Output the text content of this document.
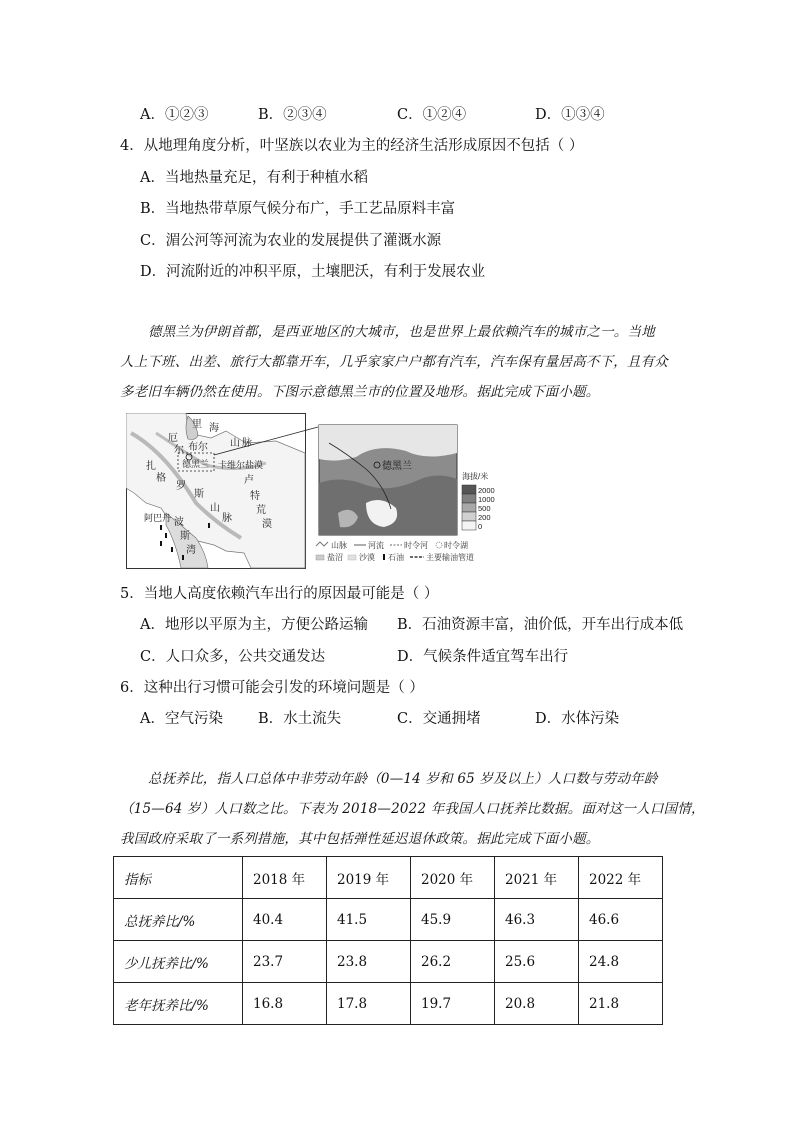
A．①②③	B．②③④	C．①②④	D．①③④
4．从地理角度分析，叶坚族以农业为主的经济生活形成原因不包括（ ）
A．当地热量充足，有利于种植水稻
B．当地热带草原气候分布广，手工艺品原料丰富
C．湄公河等河流为农业的发展提供了灌溉水源
D．河流附近的冲积平原，土壤肥沃，有利于发展农业
德黑兰为伊朗首都，是西亚地区的大城市，也是世界上最依赖汽车的城市之一。当地
人上下班、出差、旅行大都靠开车，几乎家家户户都有汽车，汽车保有量居高不下，且有众
多老旧车辆仍然在使用。下图示意德黑兰市的位置及地形。据此完成下面小题。
里 海
厄
尔 布 尔 山 脉
德黑兰 卡维尔盐漠
扎
格
罗
斯
山
脉
卢
特
荒
漠
阿巴丹 波
斯
湾
德黑兰
海拔/米
2000
1000
500
200
0
山脉	河流	时令河 时令湖
盐沼 沙漠 石油	主要输油管道
5．当地人高度依赖汽车出行的原因最可能是（ ）
A．地形以平原为主，方便公路运输 B．石油资源丰富，油价低，开车出行成本低
C．人口众多，公共交通发达	D．气候条件适宜驾车出行
6．这种出行习惯可能会引发的环境问题是（ ）
A．空气污染 B．水土流失	C．交通拥堵	D．水体污染
总抚养比，指人口总体中非劳动年龄（0—14 岁和 65 岁及以上）人口数与劳动年龄
（15—64 岁）人口数之比。下表为 2018—2022 年我国人口抚养比数据。面对这一人口国情，
我国政府采取了一系列措施，其中包括弹性延迟退休政策。据此完成下面小题。
指标	2018 年	2019 年	2020 年	2021 年	2022 年
总抚养比/%	40.4	41.5	45.9	46.3	46.6
少儿抚养比/%	23.7	23.8	26.2	25.6	24.8
老年抚养比/%	16.8	17.8	19.7	20.8	21.8
